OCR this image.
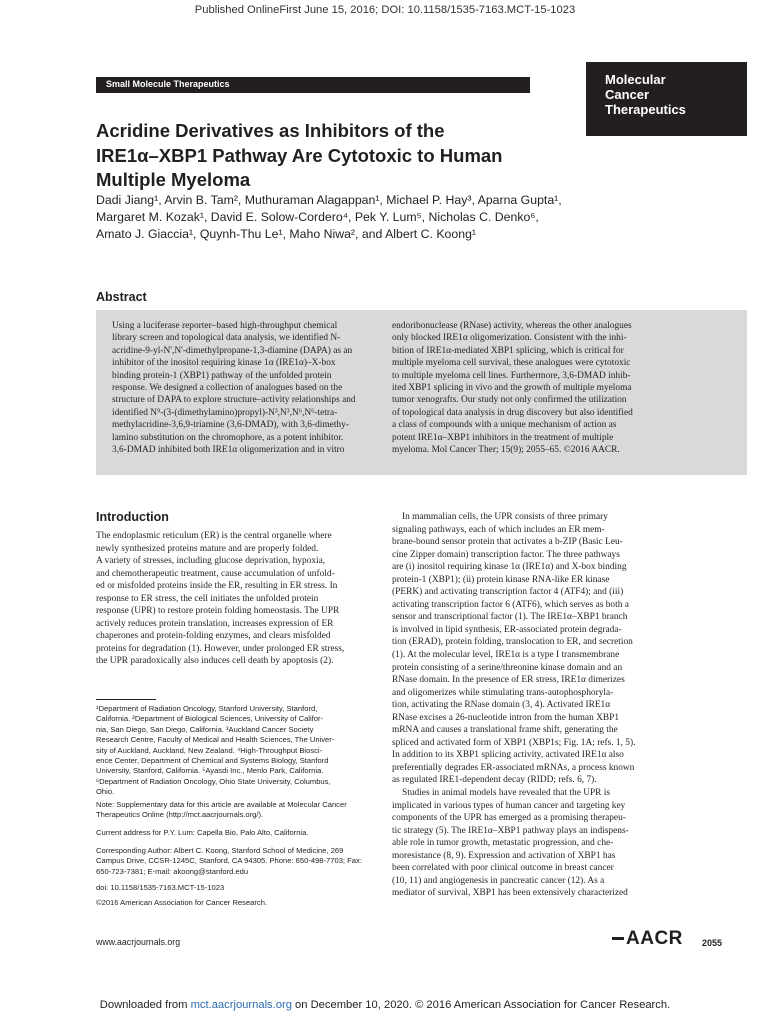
Published OnlineFirst June 15, 2016; DOI: 10.1158/1535-7163.MCT-15-1023
Small Molecule Therapeutics	Molecular
Cancer
Therapeutics
Acridine Derivatives as Inhibitors of the
IRE1α–XBP1 Pathway Are Cytotoxic to Human
Multiple Myeloma
Dadi Jiang¹, Arvin B. Tam², Muthuraman Alagappan¹, Michael P. Hay³, Aparna Gupta¹,
Margaret M. Kozak¹, David E. Solow-Cordero⁴, Pek Y. Lum⁵, Nicholas C. Denko⁶,
Amato J. Giaccia¹, Quynh-Thu Le¹, Maho Niwa², and Albert C. Koong¹
Abstract
Using a luciferase reporter–based high-throughput chemical
library screen and topological data analysis, we identified N-
acridine-9-yl-N',N'-dimethylpropane-1,3-diamine (DAPA) as an
inhibitor of the inositol requiring kinase 1α (IRE1α)–X-box
binding protein-1 (XBP1) pathway of the unfolded protein
response. We designed a collection of analogues based on the
structure of DAPA to explore structure–activity relationships and
identified N⁹-(3-(dimethylamino)propyl)-N³,N³,N⁶,N⁶-tetra-
methylacridine-3,6,9-triamine (3,6-DMAD), with 3,6-dimethy-
lamino substitution on the chromophore, as a potent inhibitor.
3,6-DMAD inhibited both IRE1α oligomerization and in vitro
endoribonuclease (RNase) activity, whereas the other analogues
only blocked IRE1α oligomerization. Consistent with the inhi-
bition of IRE1α-mediated XBP1 splicing, which is critical for
multiple myeloma cell survival, these analogues were cytotoxic
to multiple myeloma cell lines. Furthermore, 3,6-DMAD inhib-
ited XBP1 splicing in vivo and the growth of multiple myeloma
tumor xenografts. Our study not only confirmed the utilization
of topological data analysis in drug discovery but also identified
a class of compounds with a unique mechanism of action as
potent IRE1α–XBP1 inhibitors in the treatment of multiple
myeloma. Mol Cancer Ther; 15(9); 2055–65. ©2016 AACR.
Introduction
The endoplasmic reticulum (ER) is the central organelle where
newly synthesized proteins mature and are properly folded.
A variety of stresses, including glucose deprivation, hypoxia,
and chemotherapeutic treatment, cause accumulation of unfold-
ed or misfolded proteins inside the ER, resulting in ER stress. In
response to ER stress, the cell initiates the unfolded protein
response (UPR) to restore protein folding homeostasis. The UPR
actively reduces protein translation, increases expression of ER
chaperones and protein-folding enzymes, and clears misfolded
proteins for degradation (1). However, under prolonged ER stress,
the UPR paradoxically also induces cell death by apoptosis (2).
¹Department of Radiation Oncology, Stanford University, Stanford,
California. ²Department of Biological Sciences, University of Califor-
nia, San Diego, San Diego, California. ³Auckland Cancer Society
Research Centre, Faculty of Medical and Health Sciences, The Univer-
sity of Auckland, Auckland, New Zealand. ⁴High-Throughput Biosci-
ence Center, Department of Chemical and Systems Biology, Stanford
University, Stanford, California. ⁵Ayasdi Inc., Menlo Park, California.
⁶Department of Radiation Oncology, Ohio State University, Columbus,
Ohio.
Note: Supplementary data for this article are available at Molecular Cancer
Therapeutics Online (http://mct.aacrjournals.org/).
Current address for P.Y. Lum: Capella Bio, Palo Alto, California.
Corresponding Author: Albert C. Koong, Stanford School of Medicine, 269
Campus Drive, CCSR-1245C, Stanford, CA 94305. Phone: 650-498-7703; Fax:
650-723-7381; E-mail: akoong@stanford.edu
doi: 10.1158/1535-7163.MCT-15-1023
©2016 American Association for Cancer Research.
In mammalian cells, the UPR consists of three primary
signaling pathways, each of which includes an ER mem-
brane-bound sensor protein that activates a b-ZIP (Basic Leu-
cine Zipper domain) transcription factor. The three pathways
are (i) inositol requiring kinase 1α (IRE1α) and X-box binding
protein-1 (XBP1); (ii) protein kinase RNA-like ER kinase
(PERK) and activating transcription factor 4 (ATF4); and (iii)
activating transcription factor 6 (ATF6), which serves as both a
sensor and transcriptional factor (1). The IRE1α–XBP1 branch
is involved in lipid synthesis, ER-associated protein degrada-
tion (ERAD), protein folding, translocation to ER, and secretion
(1). At the molecular level, IRE1α is a type I transmembrane
protein consisting of a serine/threonine kinase domain and an
RNase domain. In the presence of ER stress, IRE1α dimerizes
and oligomerizes while stimulating trans-autophosphoryla-
tion, activating the RNase domain (3, 4). Activated IRE1α
RNase excises a 26-nucleotide intron from the human XBP1
mRNA and causes a translational frame shift, generating the
spliced and activated form of XBP1 (XBP1s; Fig. 1A; refs. 1, 5).
In addition to its XBP1 splicing activity, activated IRE1α also
preferentially degrades ER-associated mRNAs, a process known
as regulated IRE1-dependent decay (RIDD; refs. 6, 7).
Studies in animal models have revealed that the UPR is
implicated in various types of human cancer and targeting key
components of the UPR has emerged as a promising therapeu-
tic strategy (5). The IRE1α–XBP1 pathway plays an indispens-
able role in tumor growth, metastatic progression, and che-
moresistance (8, 9). Expression and activation of XBP1 has
been correlated with poor clinical outcome in breast cancer
(10, 11) and angiogenesis in pancreatic cancer (12). As a
mediator of survival, XBP1 has been extensively characterized
www.aacrjournals.org	AACR 2055
Downloaded from mct.aacrjournals.org on December 10, 2020. © 2016 American Association for Cancer Research.
